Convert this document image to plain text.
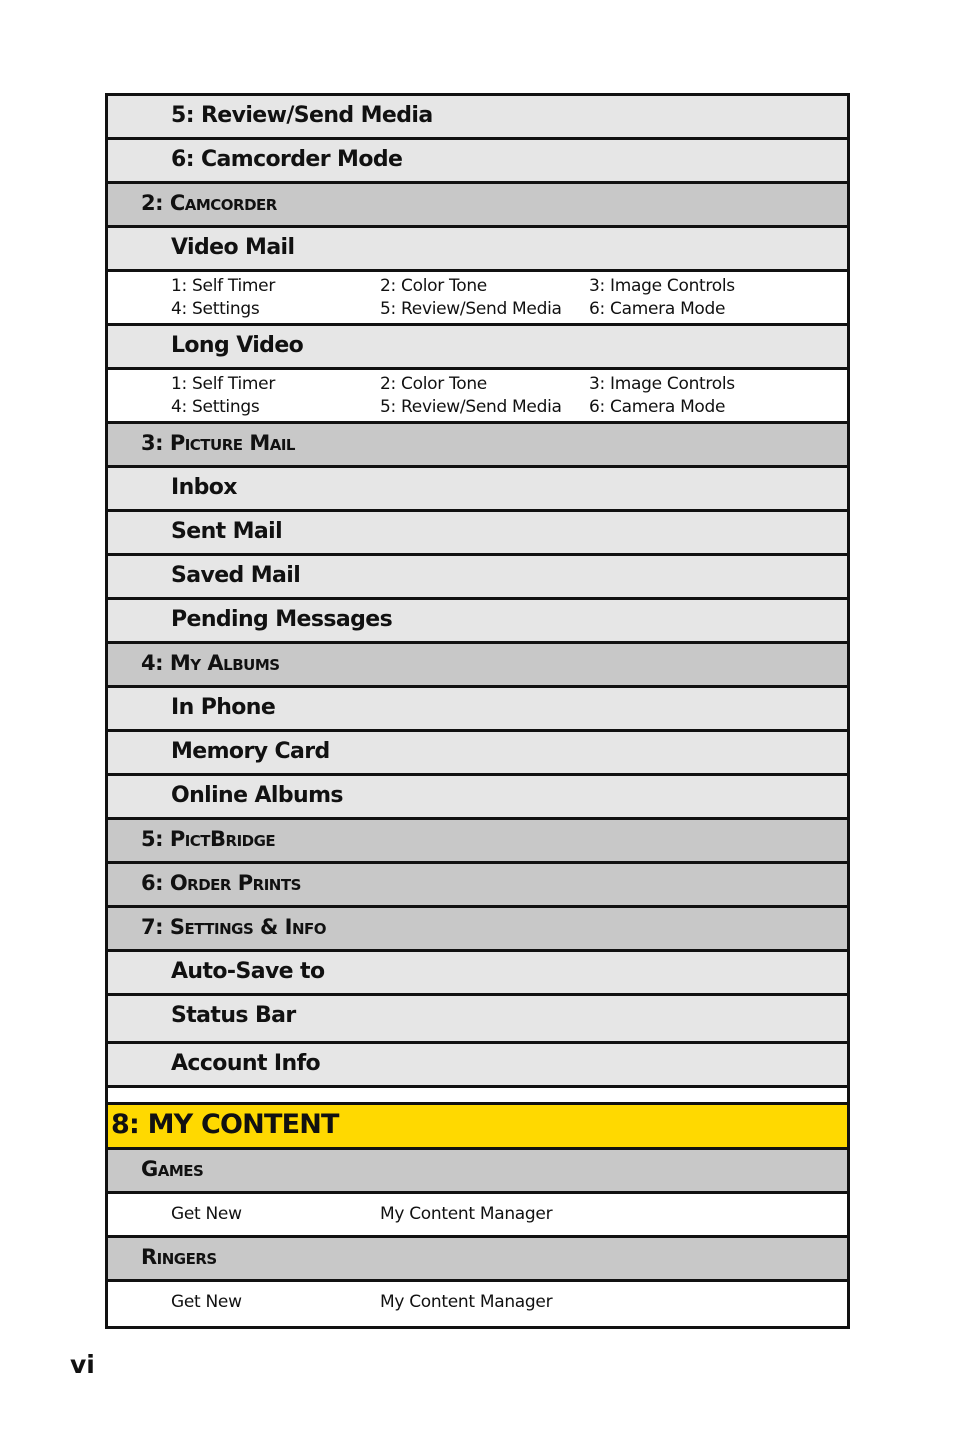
5: Review/Send Media
6: Camcorder Mode
2: Camcorder
Video Mail
1: Self Timer	2: Color Tone	3: Image Controls
4: Settings	5: Review/Send Media	6: Camera Mode
Long Video
1: Self Timer	2: Color Tone	3: Image Controls
4: Settings	5: Review/Send Media	6: Camera Mode
3: Picture Mail
Inbox
Sent Mail
Saved Mail
Pending Messages
4: My Albums
In Phone
Memory Card
Online Albums
5: PictBridge
6: Order Prints
7: Settings & Info
Auto-Save to
Status Bar
Account Info
8: MY CONTENT
Games
Get New	My Content Manager
Ringers
Get New	My Content Manager
vi
